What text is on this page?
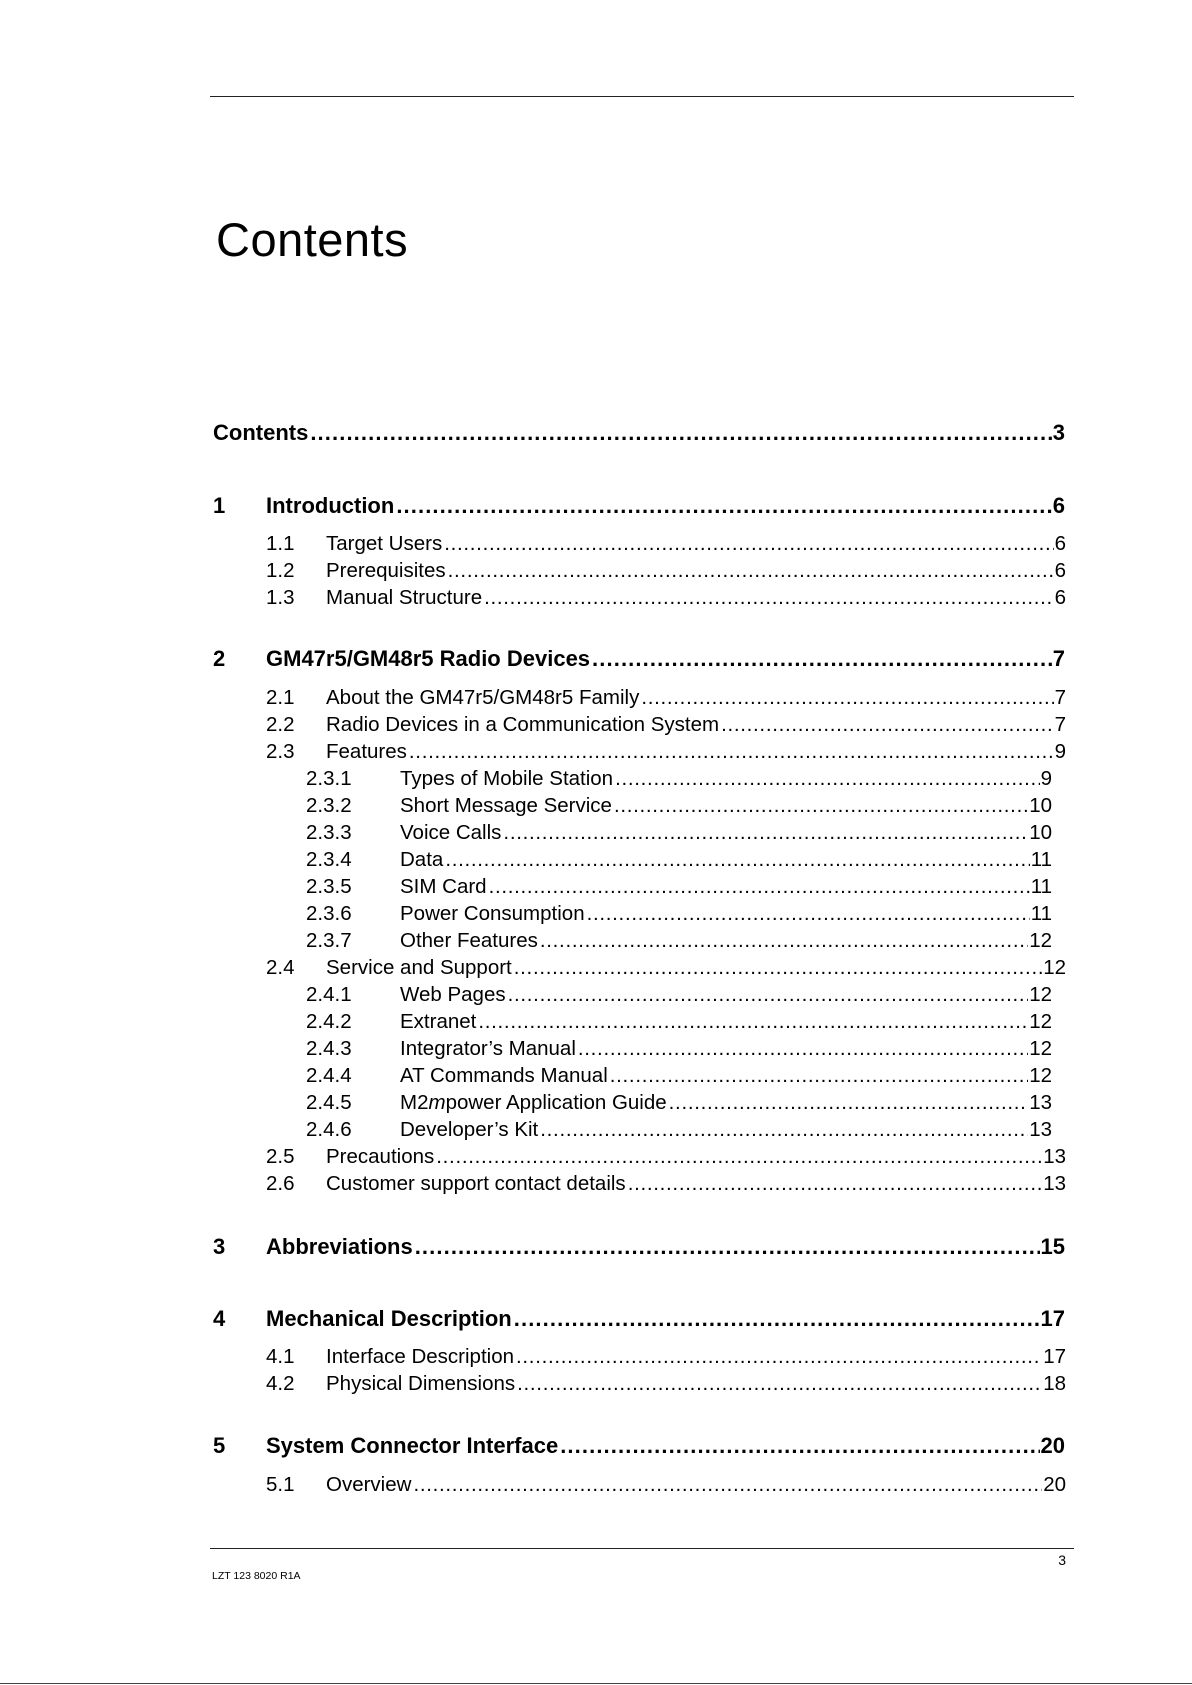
Contents
Contents . . .	3
1	Introduction . . .	6
1.1	Target Users . . .	6
1.2	Prerequisites . . .	6
1.3	Manual Structure . . .	6
2	GM47r5/GM48r5 Radio Devices . . .	7
2.1	About the GM47r5/GM48r5 Family . . .	7
2.2	Radio Devices in a Communication System . . .	7
2.3	Features . . .	9
2.3.1	Types of Mobile Station . . .	9
2.3.2	Short Message Service . . .	10
2.3.3	Voice Calls . . .	10
2.3.4	Data . . .	11
2.3.5	SIM Card . . .	11
2.3.6	Power Consumption . . .	11
2.3.7	Other Features . . .	12
2.4	Service and Support . . .	12
2.4.1	Web Pages . . .	12
2.4.2	Extranet . . .	12
2.4.3	Integrator’s Manual . . .	12
2.4.4	AT Commands Manual . . .	12
2.4.5	M2mpower Application Guide . . .	13
2.4.6	Developer’s Kit . . .	13
2.5	Precautions . . .	13
2.6	Customer support contact details . . .	13
3	Abbreviations . . .	15
4	Mechanical Description . . .	17
4.1	Interface Description . . .	17
4.2	Physical Dimensions . . .	18
5	System Connector Interface . . .	20
5.1	Overview . . .	20
3
LZT 123 8020 R1A
